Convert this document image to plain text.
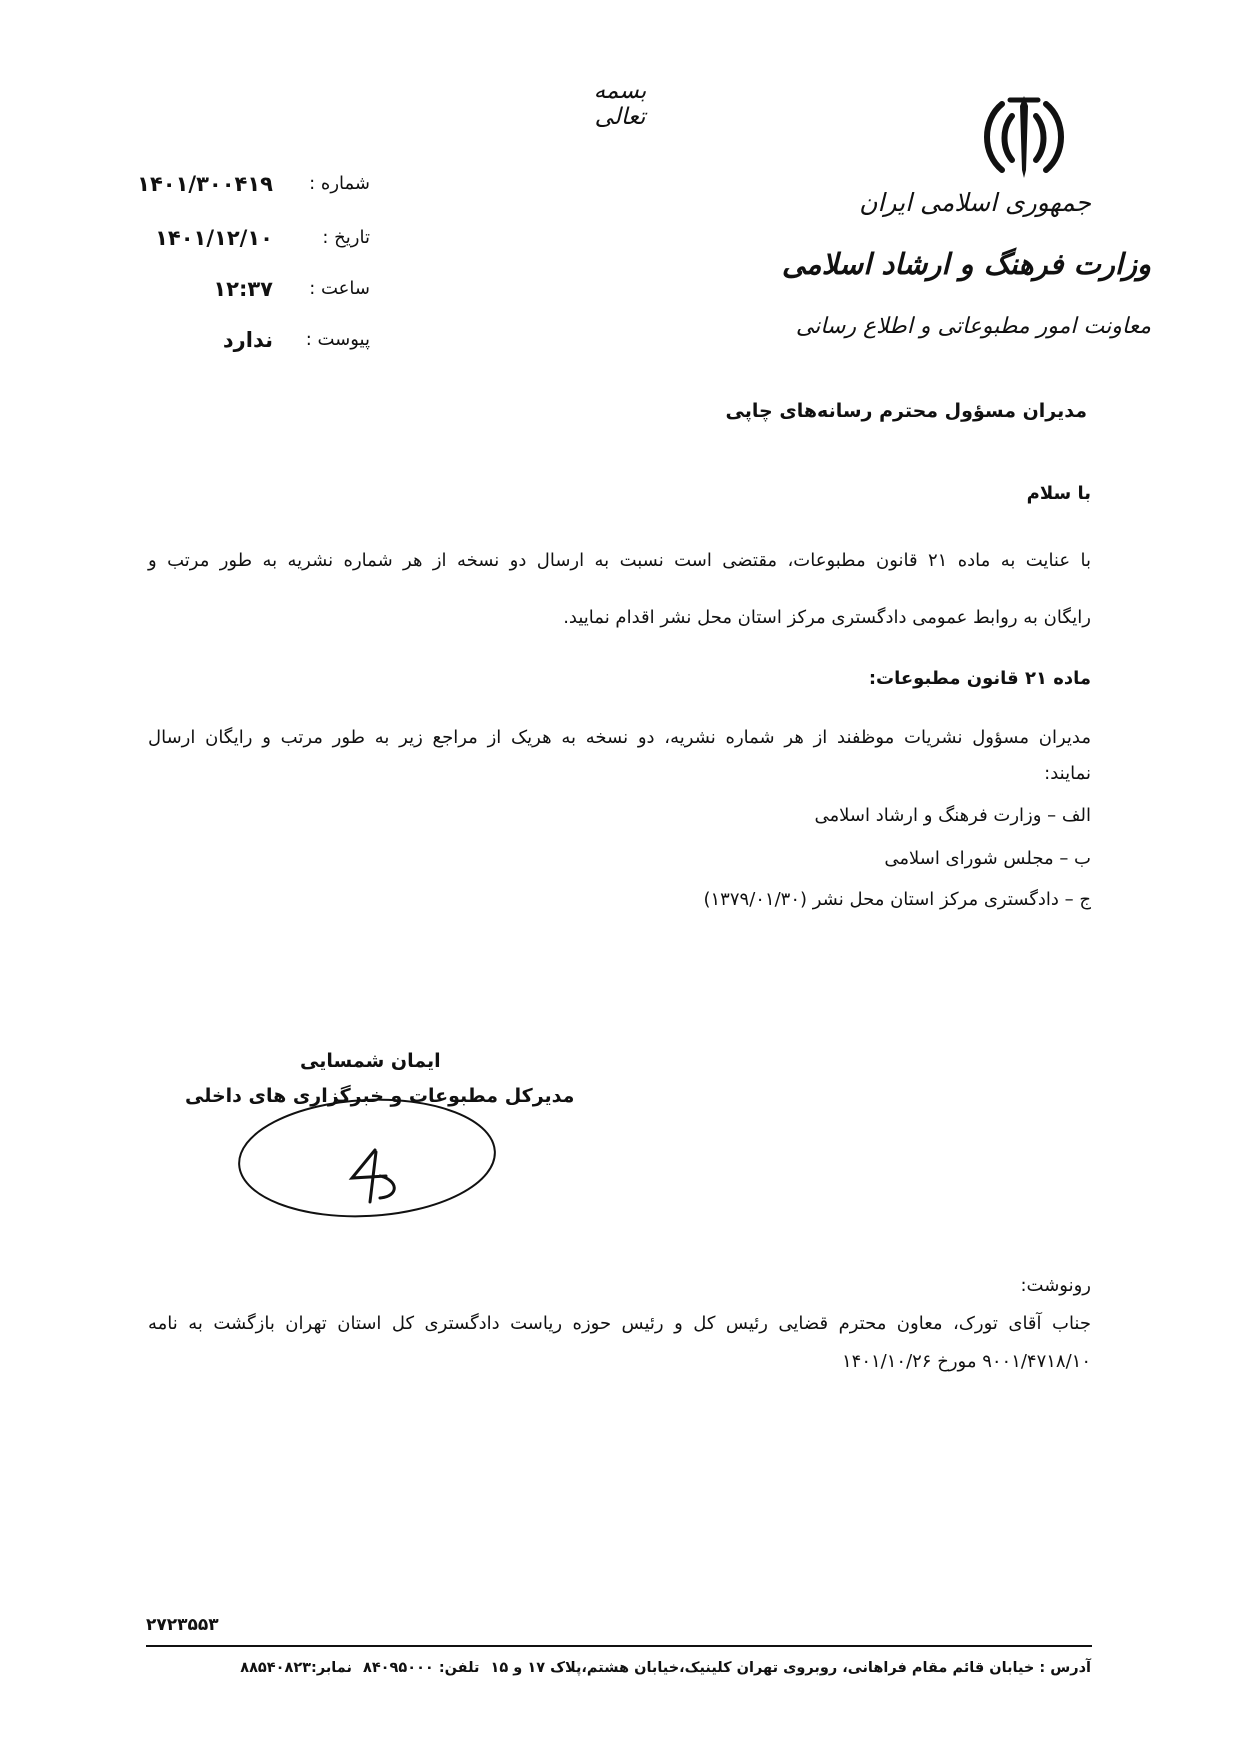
جمهوری اسلامی ایران
وزارت فرهنگ و ارشاد اسلامی
معاونت امور مطبوعاتی و اطلاع رسانی
بسمه تعالی
شماره :
۱۴۰۱/۳۰۰۴۱۹
تاریخ :
۱۴۰۱/۱۲/۱۰
ساعت :
۱۲:۳۷
پیوست :
ندارد
مدیران مسؤول محترم رسانه‌های چاپی
با سلام
با عنایت به ماده ۲۱ قانون مطبوعات، مقتضی است نسبت به ارسال دو نسخه از هر شماره نشریه به طور مرتب و
رایگان به روابط عمومی دادگستری مرکز استان محل نشر اقدام نمایید.
ماده ۲۱ قانون مطبوعات:
مدیران مسؤول نشریات موظفند از هر شماره نشریه، دو نسخه به هریک از مراجع زیر به طور مرتب و رایگان ارسال
نمایند:
الف – وزارت فرهنگ و ارشاد اسلامی
ب – مجلس شورای اسلامی
ج – دادگستری مرکز استان محل نشر (۱۳۷۹/۰۱/۳۰)
ایمان شمسایی
مدیرکل مطبوعات و خبرگزاری های داخلی
رونوشت:
جناب آقای تورک، معاون محترم قضایی رئیس کل و رئیس حوزه ریاست دادگستری کل استان تهران بازگشت به نامه
۹۰۰۱/۴۷۱۸/۱۰ مورخ ۱۴۰۱/۱۰/۲۶
۲۷۲۳۵۵۳
آدرس : خیابان قائم مقام فراهانی، روبروی تهران کلینیک،خیابان هشتم،پلاک ۱۷ و ۱۵ تلفن: ۸۴۰۹۵۰۰۰ نمابر:۸۸۵۴۰۸۲۳
